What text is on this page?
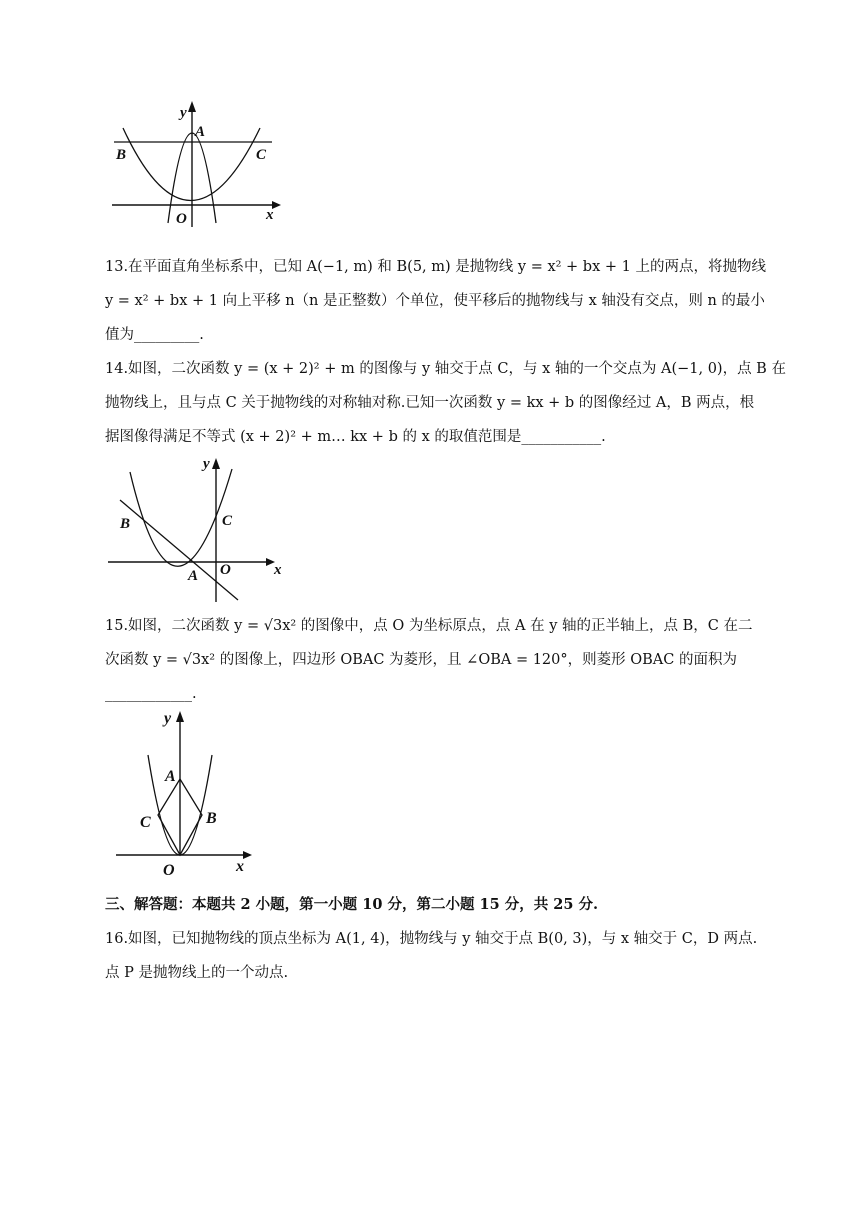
y
A
B	C
O	x
13.在平面直角坐标系中，已知 A(−1, m) 和 B(5, m) 是抛物线 y = x² + bx + 1 上的两点，将抛物线
y = x² + bx + 1 向上平移 n（n 是正整数）个单位，使平移后的抛物线与 x 轴没有交点，则 n 的最小
值为_________.
14.如图，二次函数 y = (x + 2)² + m 的图像与 y 轴交于点 C，与 x 轴的一个交点为 A(−1, 0)，点 B 在
抛物线上，且与点 C 关于抛物线的对称轴对称.已知一次函数 y = kx + b 的图像经过 A，B 两点，根
据图像得满足不等式 (x + 2)² + m… kx + b 的 x 的取值范围是___________.
y
B	C
A O	x
15.如图，二次函数 y = √3x² 的图像中，点 O 为坐标原点，点 A 在 y 轴的正半轴上，点 B，C 在二
次函数 y = √3x² 的图像上，四边形 OBAC 为菱形，且 ∠OBA = 120°，则菱形 OBAC 的面积为
____________.
y
A
C	B
O	x
三、解答题：本题共 2 小题，第一小题 10 分，第二小题 15 分，共 25 分.
16.如图，已知抛物线的顶点坐标为 A(1, 4)，抛物线与 y 轴交于点 B(0, 3)，与 x 轴交于 C，D 两点.
点 P 是抛物线上的一个动点.
